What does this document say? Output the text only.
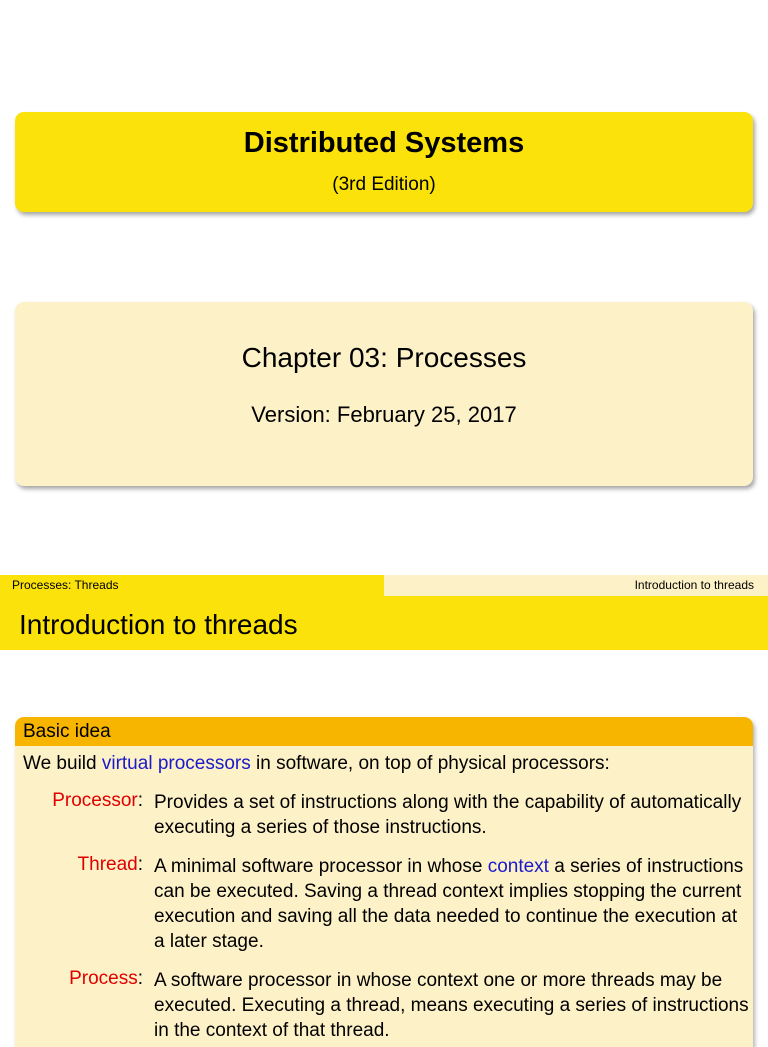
Distributed Systems
(3rd Edition)
Chapter 03: Processes
Version: February 25, 2017
Processes: Threads	Introduction to threads
Introduction to threads
Basic idea
We build virtual processors in software, on top of physical processors:
Processor: Provides a set of instructions along with the capability of automatically executing a series of those instructions.
Thread: A minimal software processor in whose context a series of instructions can be executed. Saving a thread context implies stopping the current execution and saving all the data needed to continue the execution at a later stage.
Process: A software processor in whose context one or more threads may be executed. Executing a thread, means executing a series of instructions in the context of that thread.
